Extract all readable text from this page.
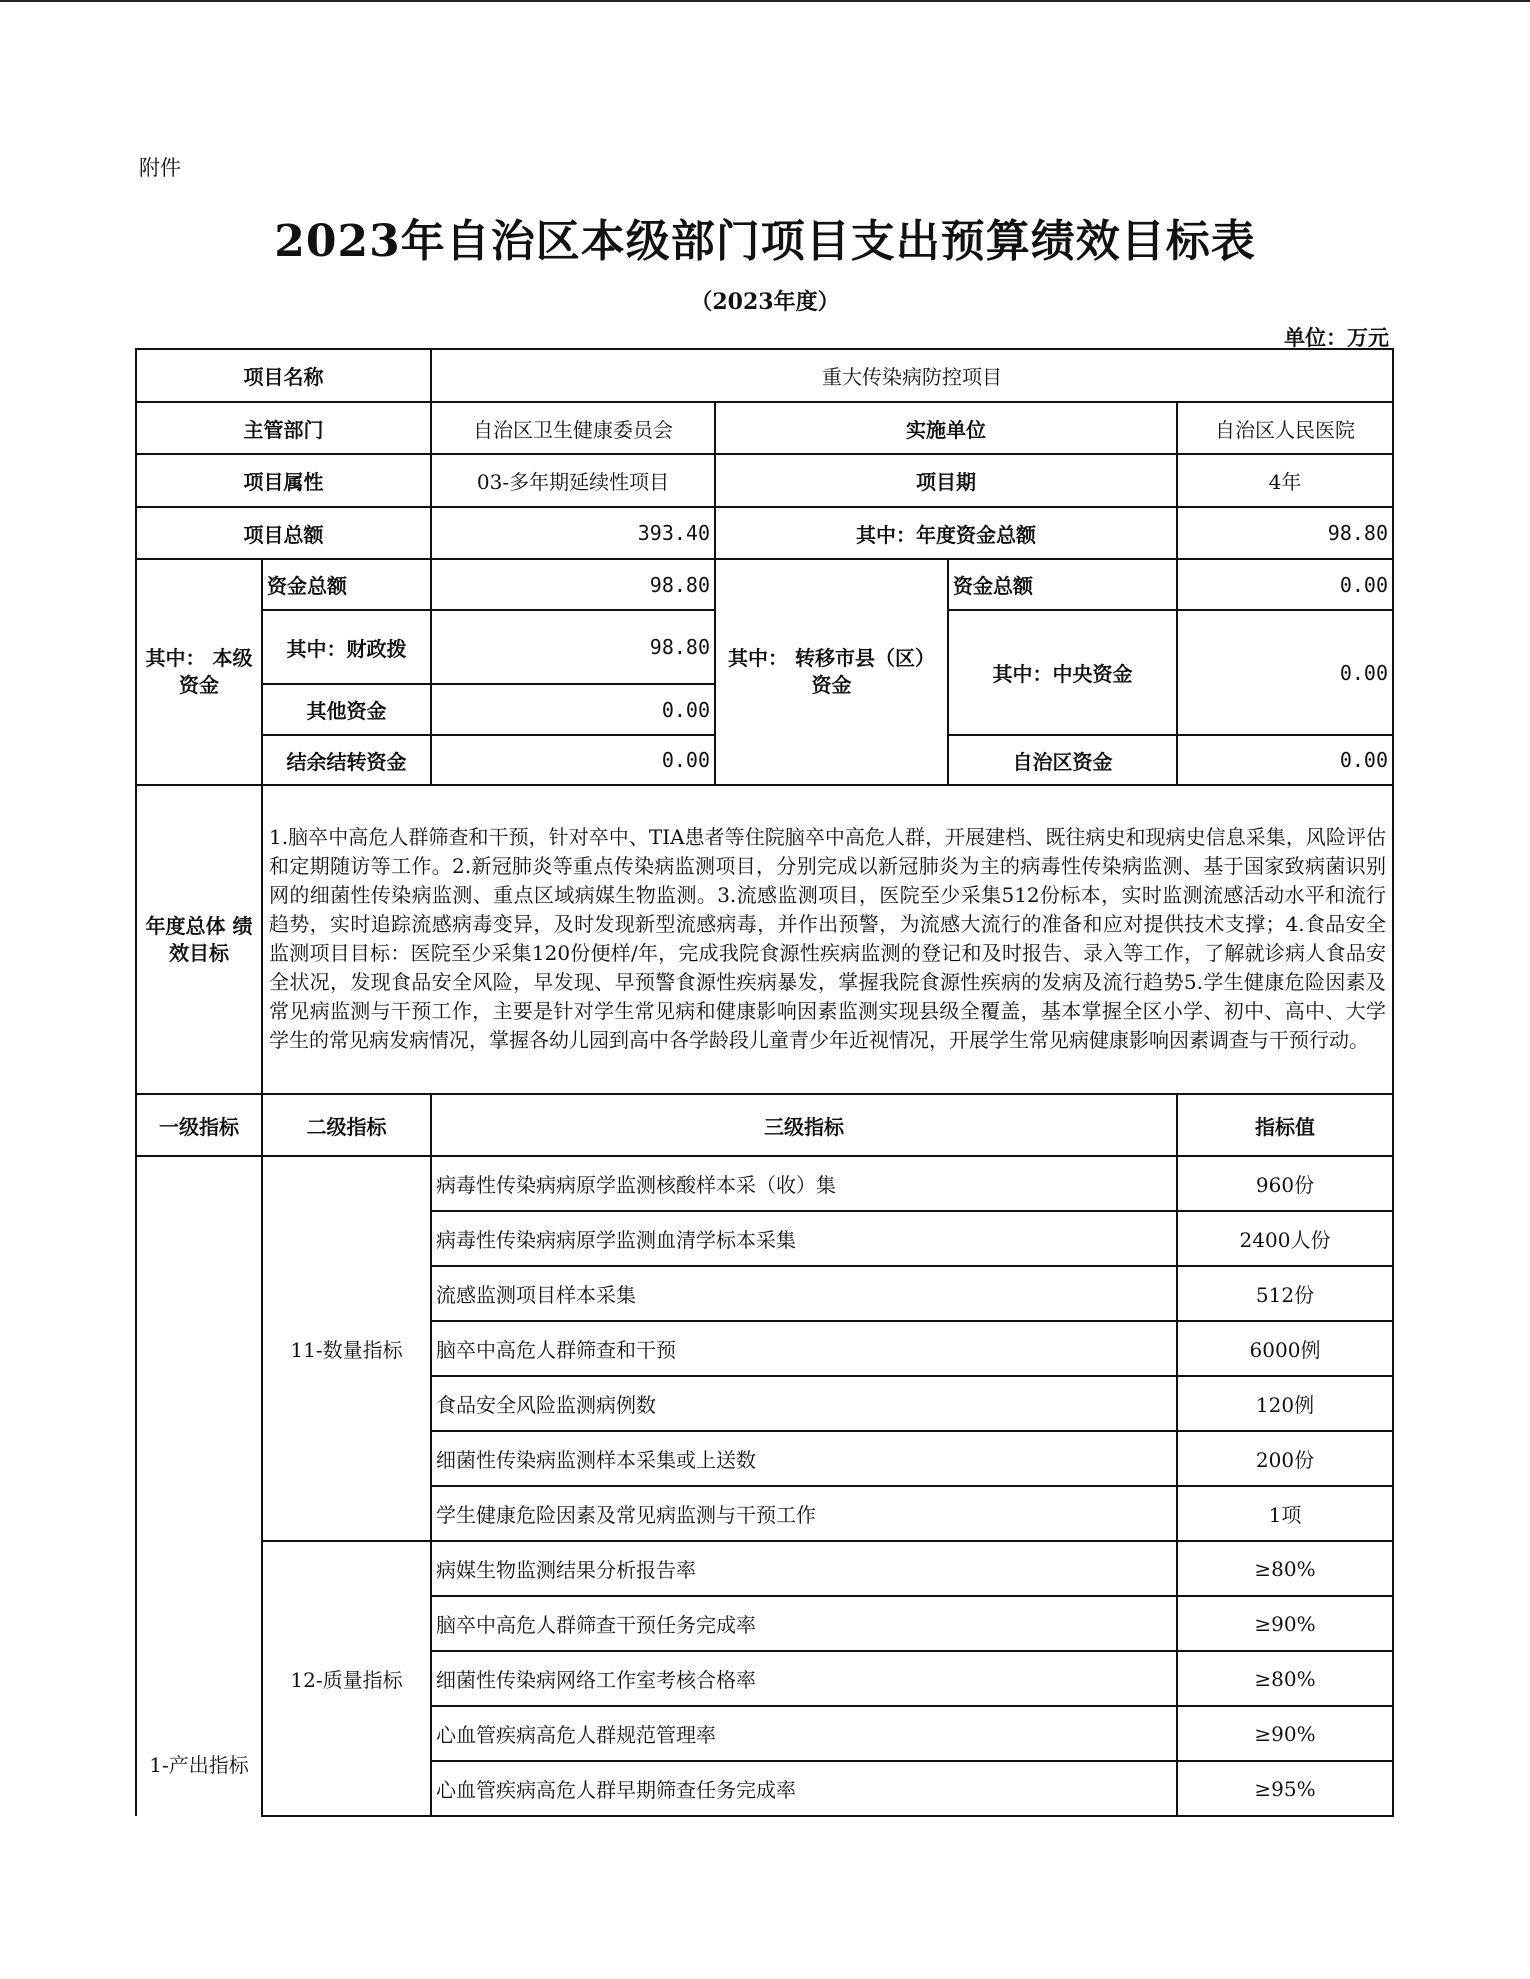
附件
2023年自治区本级部门项目支出预算绩效目标表
（2023年度）
单位：万元
项目名称		重大传染病防控项目			
主管部门		自治区卫生健康委员会	实施单位		自治区人民医院
项目属性		03-多年期延续性项目	项目期		4年
项目总额		393.40	其中：年度资金总额		98.80
其中： 本级资金	资金总额	98.80	其中： 转移市县（区）资金	资金总额	0.00
	其中：财政拨	98.80		其中：中央资金	0.00
	其他资金	0.00			
	结余结转资金	0.00		自治区资金	0.00
年度总体 绩效目标	1.脑卒中高危人群筛查和干预，针对卒中、TIA患者等住院脑卒中高危人群，开展建档、既往病史和现病史信息采集，风险评估和定期随访等工作。2.新冠肺炎等重点传染病监测项目，分别完成以新冠肺炎为主的病毒性传染病监测、基于国家致病菌识别网的细菌性传染病监测、重点区域病媒生物监测。3.流感监测项目，医院至少采集512份标本，实时监测流感活动水平和流行趋势，实时追踪流感病毒变异，及时发现新型流感病毒，并作出预警，为流感大流行的准备和应对提供技术支撑；4.食品安全监测项目目标：医院至少采集120份便样/年，完成我院食源性疾病监测的登记和及时报告、录入等工作，了解就诊病人食品安全状况，发现食品安全风险，早发现、早预警食源性疾病暴发，掌握我院食源性疾病的发病及流行趋势5.学生健康危险因素及常见病监测与干预工作，主要是针对学生常见病和健康影响因素监测实现县级全覆盖，基本掌握全区小学、初中、高中、大学学生的常见病发病情况，掌握各幼儿园到高中各学龄段儿童青少年近视情况，开展学生常见病健康影响因素调查与干预行动。				
一级指标	二级指标	三级指标			指标值
1-产出指标	11-数量指标	病毒性传染病病原学监测核酸样本采（收）集			960份
		病毒性传染病病原学监测血清学标本采集			2400人份
		流感监测项目样本采集			512份
		脑卒中高危人群筛查和干预			6000例
		食品安全风险监测病例数			120例
		细菌性传染病监测样本采集或上送数			200份
		学生健康危险因素及常见病监测与干预工作			1项
	12-质量指标	病媒生物监测结果分析报告率			≥80%
		脑卒中高危人群筛查干预任务完成率			≥90%
		细菌性传染病网络工作室考核合格率			≥80%
		心血管疾病高危人群规范管理率			≥90%
		心血管疾病高危人群早期筛查任务完成率			≥95%
